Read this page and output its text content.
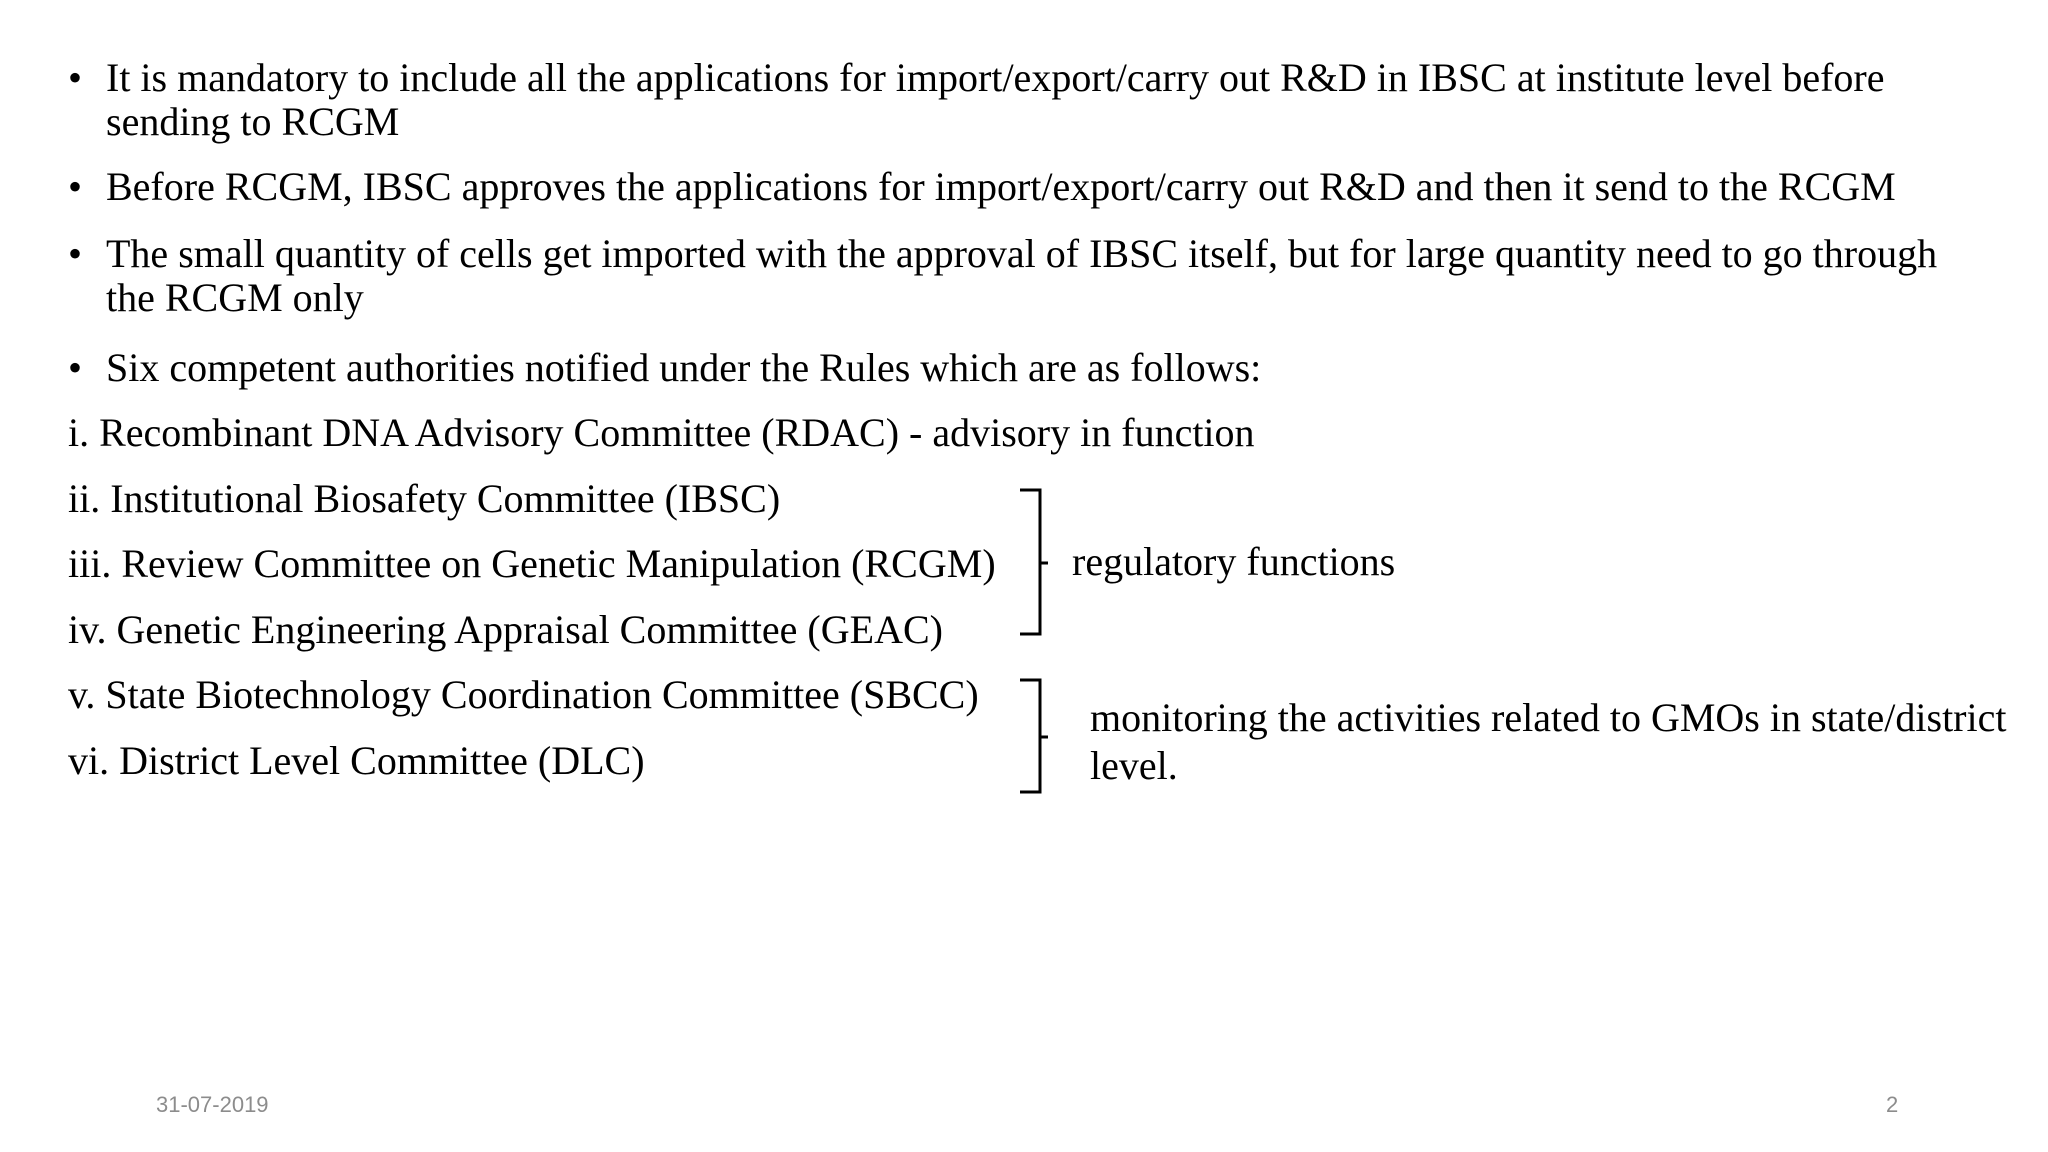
• It is mandatory to include all the applications for import/export/carry out R&D in IBSC at institute level before sending to RCGM
• Before RCGM, IBSC approves the applications for import/export/carry out R&D and then it send to the RCGM
• The small quantity of cells get imported with the approval of IBSC itself, but for large quantity need to go through the RCGM only
• Six competent authorities notified under the Rules which are as follows:
i. Recombinant DNA Advisory Committee (RDAC) - advisory in function
ii. Institutional Biosafety Committee (IBSC)
iii. Review Committee on Genetic Manipulation (RCGM)
iv. Genetic Engineering Appraisal Committee (GEAC)
v. State Biotechnology Coordination Committee (SBCC)
vi. District Level Committee (DLC)
regulatory functions
monitoring the activities related to GMOs in state/district
level.
31-07-2019	2
